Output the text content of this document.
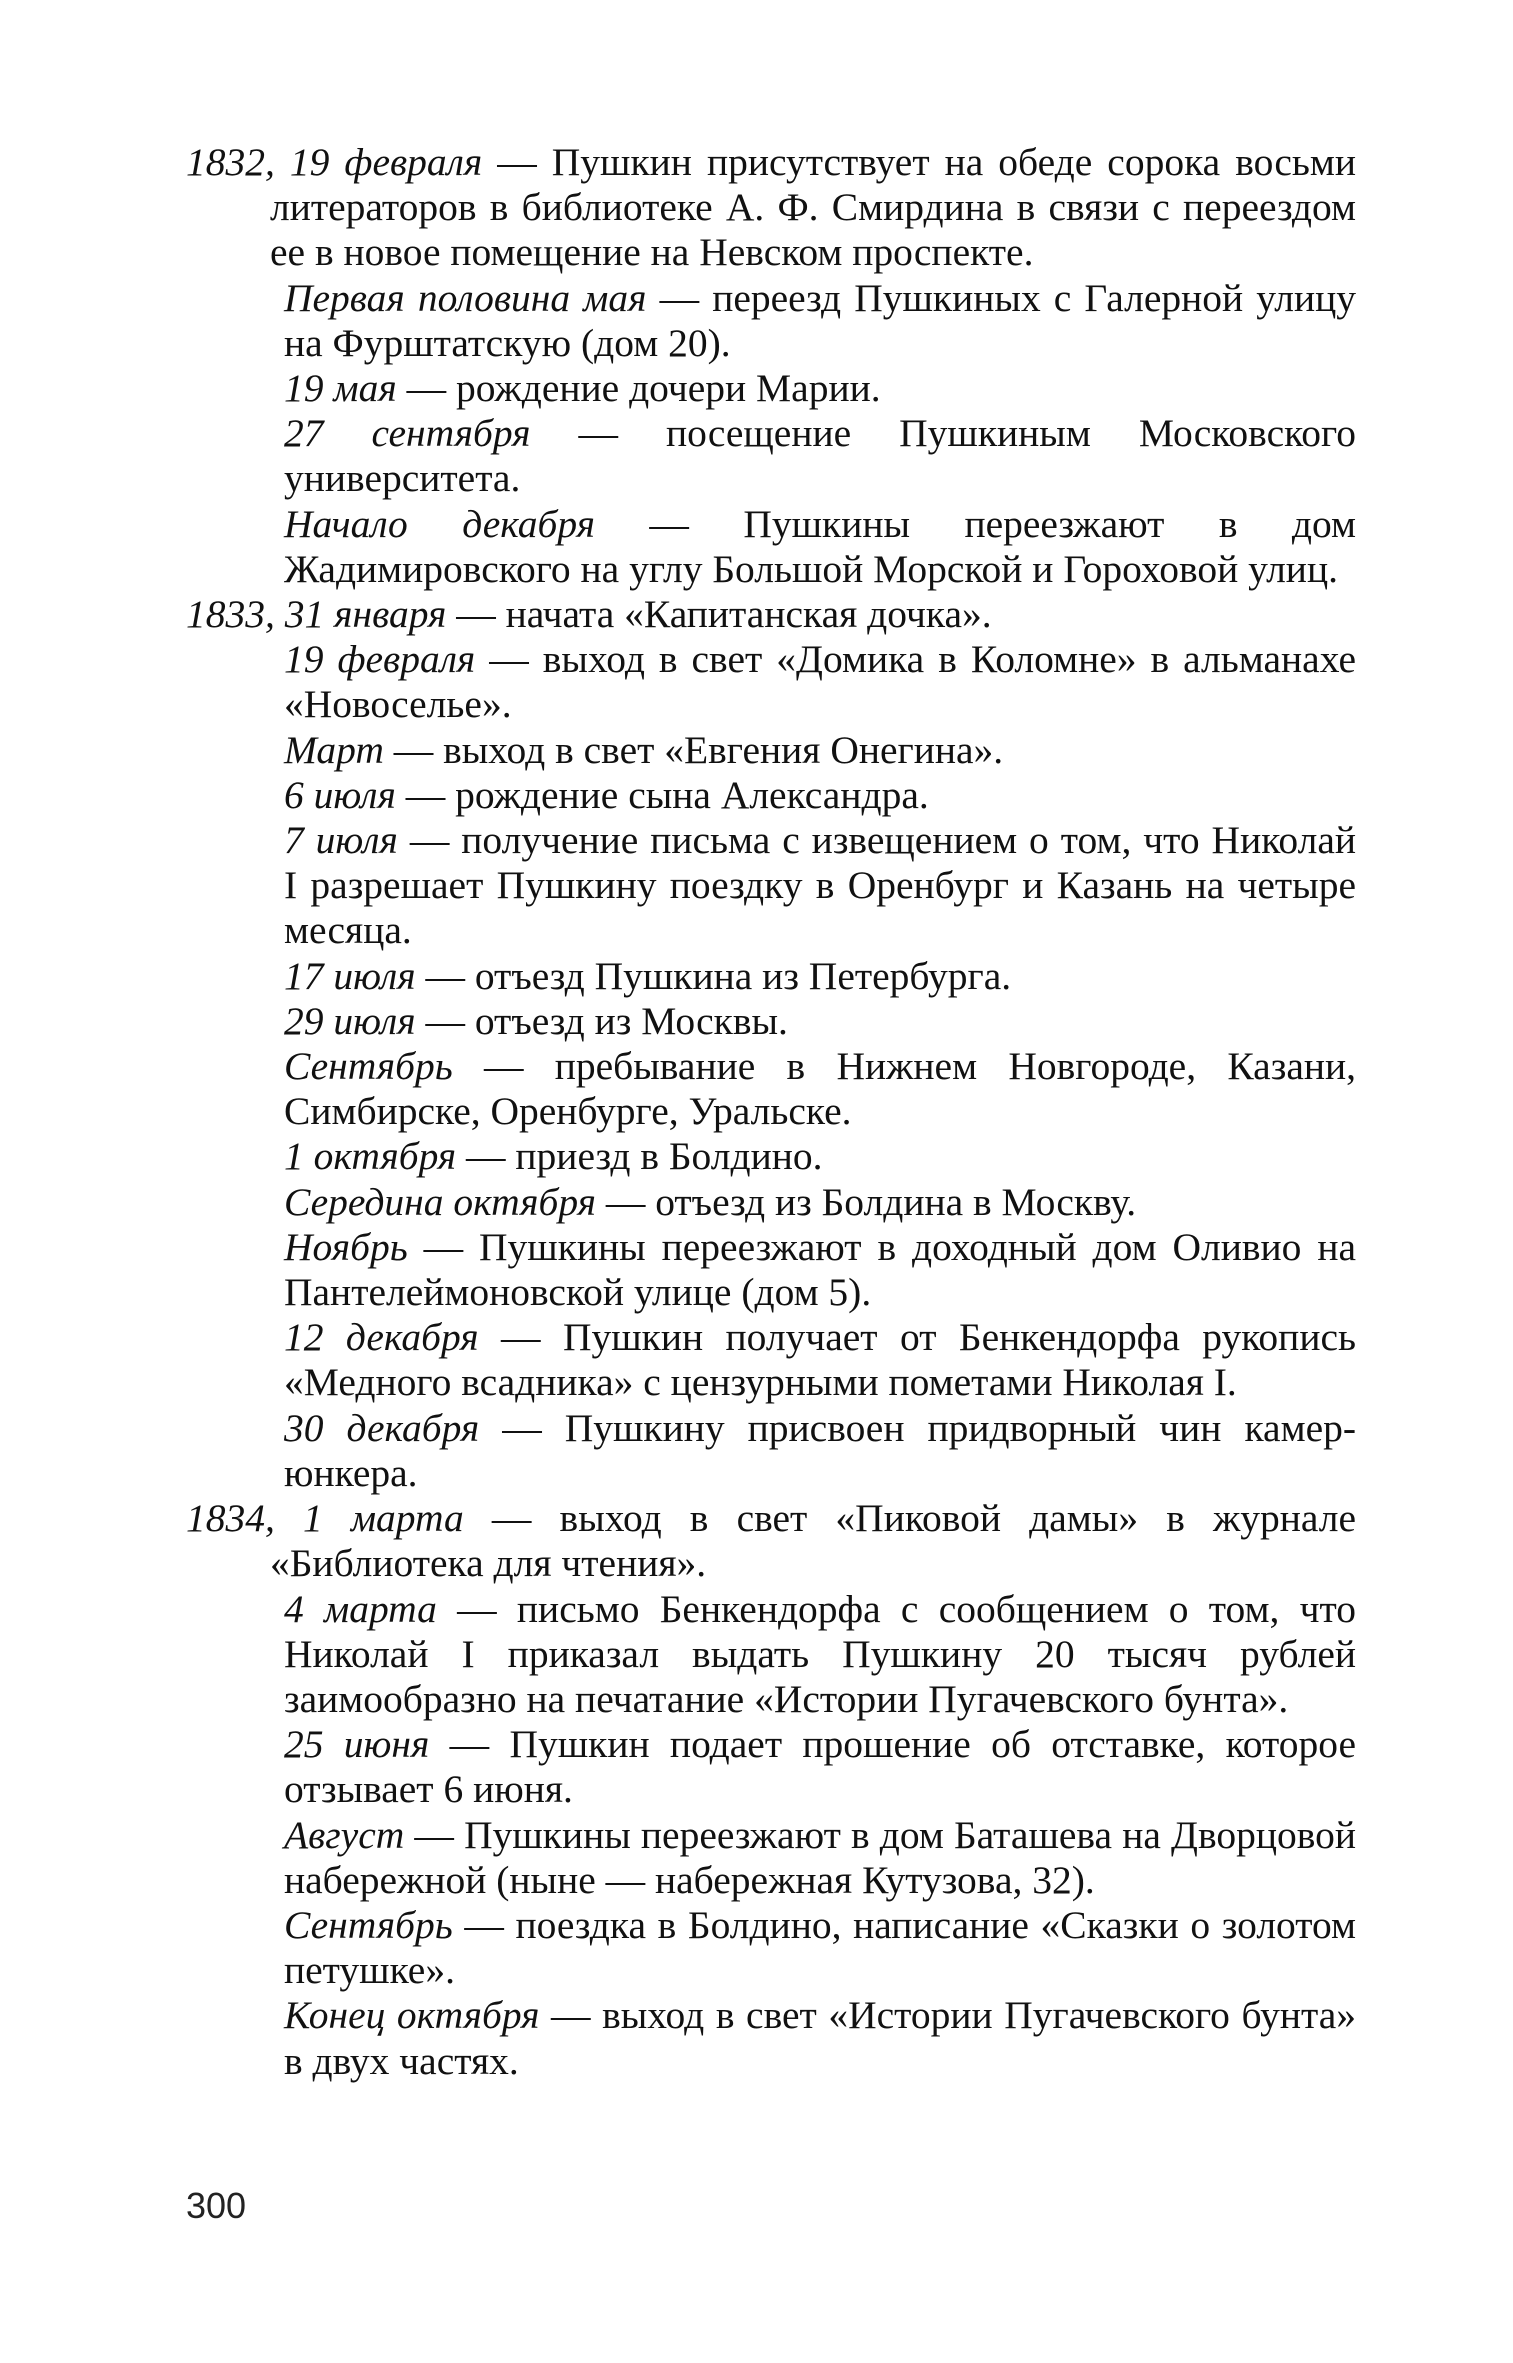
1832, 19 февраля — Пушкин присутствует на обеде сорока восьми литераторов в библиотеке А. Ф. Смирдина в связи с переездом ее в новое помещение на Невском проспекте.

Первая половина мая — переезд Пушкиных с Галерной улицу на Фурштатскую (дом 20).

19 мая — рождение дочери Марии.

27 сентября — посещение Пушкиным Московского университета.

Начало декабря — Пушкины переезжают в дом Жадимировского на углу Большой Морской и Гороховой улиц.

1833, 31 января — начата «Капитанская дочка».

19 февраля — выход в свет «Домика в Коломне» в альманахе «Новоселье».

Март — выход в свет «Евгения Онегина».

6 июля — рождение сына Александра.

7 июля — получение письма с извещением о том, что Николай I разрешает Пушкину поездку в Оренбург и Казань на четыре месяца.

17 июля — отъезд Пушкина из Петербурга.

29 июля — отъезд из Москвы.

Сентябрь — пребывание в Нижнем Новгороде, Казани, Симбирске, Оренбурге, Уральске.

1 октября — приезд в Болдино.

Середина октября — отъезд из Болдина в Москву.

Ноябрь — Пушкины переезжают в доходный дом Оливио на Пантелеймоновской улице (дом 5).

12 декабря — Пушкин получает от Бенкендорфа рукопись «Медного всадника» с цензурными пометами Николая I.

30 декабря — Пушкину присвоен придворный чин камер-юнкера.

1834, 1 марта — выход в свет «Пиковой дамы» в журнале «Библиотека для чтения».

4 марта — письмо Бенкендорфа с сообщением о том, что Николай I приказал выдать Пушкину 20 тысяч рублей заимообразно на печатание «Истории Пугачевского бунта».

25 июня — Пушкин подает прошение об отставке, которое отзывает 6 июня.

Август — Пушкины переезжают в дом Баташева на Дворцовой набережной (ныне — набережная Кутузова, 32).

Сентябрь — поездка в Болдино, написание «Сказки о золотом петушке».

Конец октября — выход в свет «Истории Пугачевского бунта» в двух частях.

300
